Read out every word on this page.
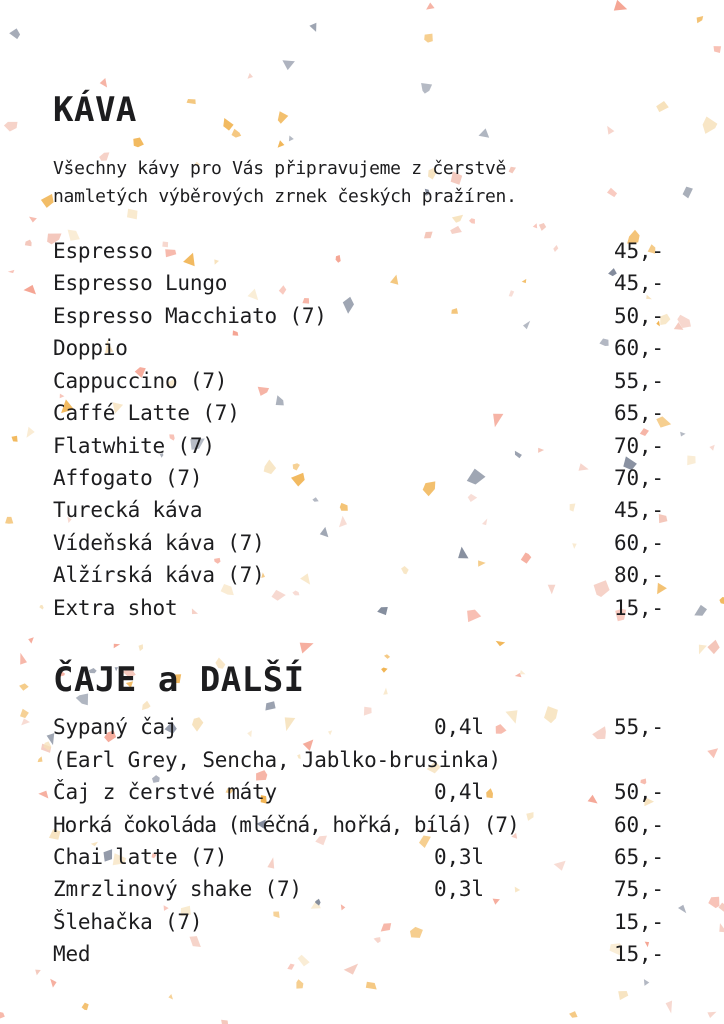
KÁVA

Všechny kávy pro Vás připravujeme z čerstvě
namletých výběrových zrnek českých pražíren.

Espresso	45,-
Espresso Lungo	45,-
Espresso Macchiato (7)	50,-
Doppio	60,-
Cappuccino (7)	55,-
Caffé Latte (7)	65,-
Flatwhite (7)	70,-
Affogato (7)	70,-
Turecká káva	45,-
Vídeňská káva (7)	60,-
Alžírská káva (7)	80,-
Extra shot	15,-
ČAJE a DALŠÍ
Sypaný čaj	0,4l	55,-
(Earl Grey, Sencha, Jablko-brusinka)
Čaj z čerstvé máty	0,4l	50,-
Horká čokoláda (mléčná, hořká, bílá) (7)	60,-
Chai latte (7)	0,3l	65,-
Zmrzlinový shake (7)	0,3l	75,-
Šlehačka (7)	15,-
Med	15,-
